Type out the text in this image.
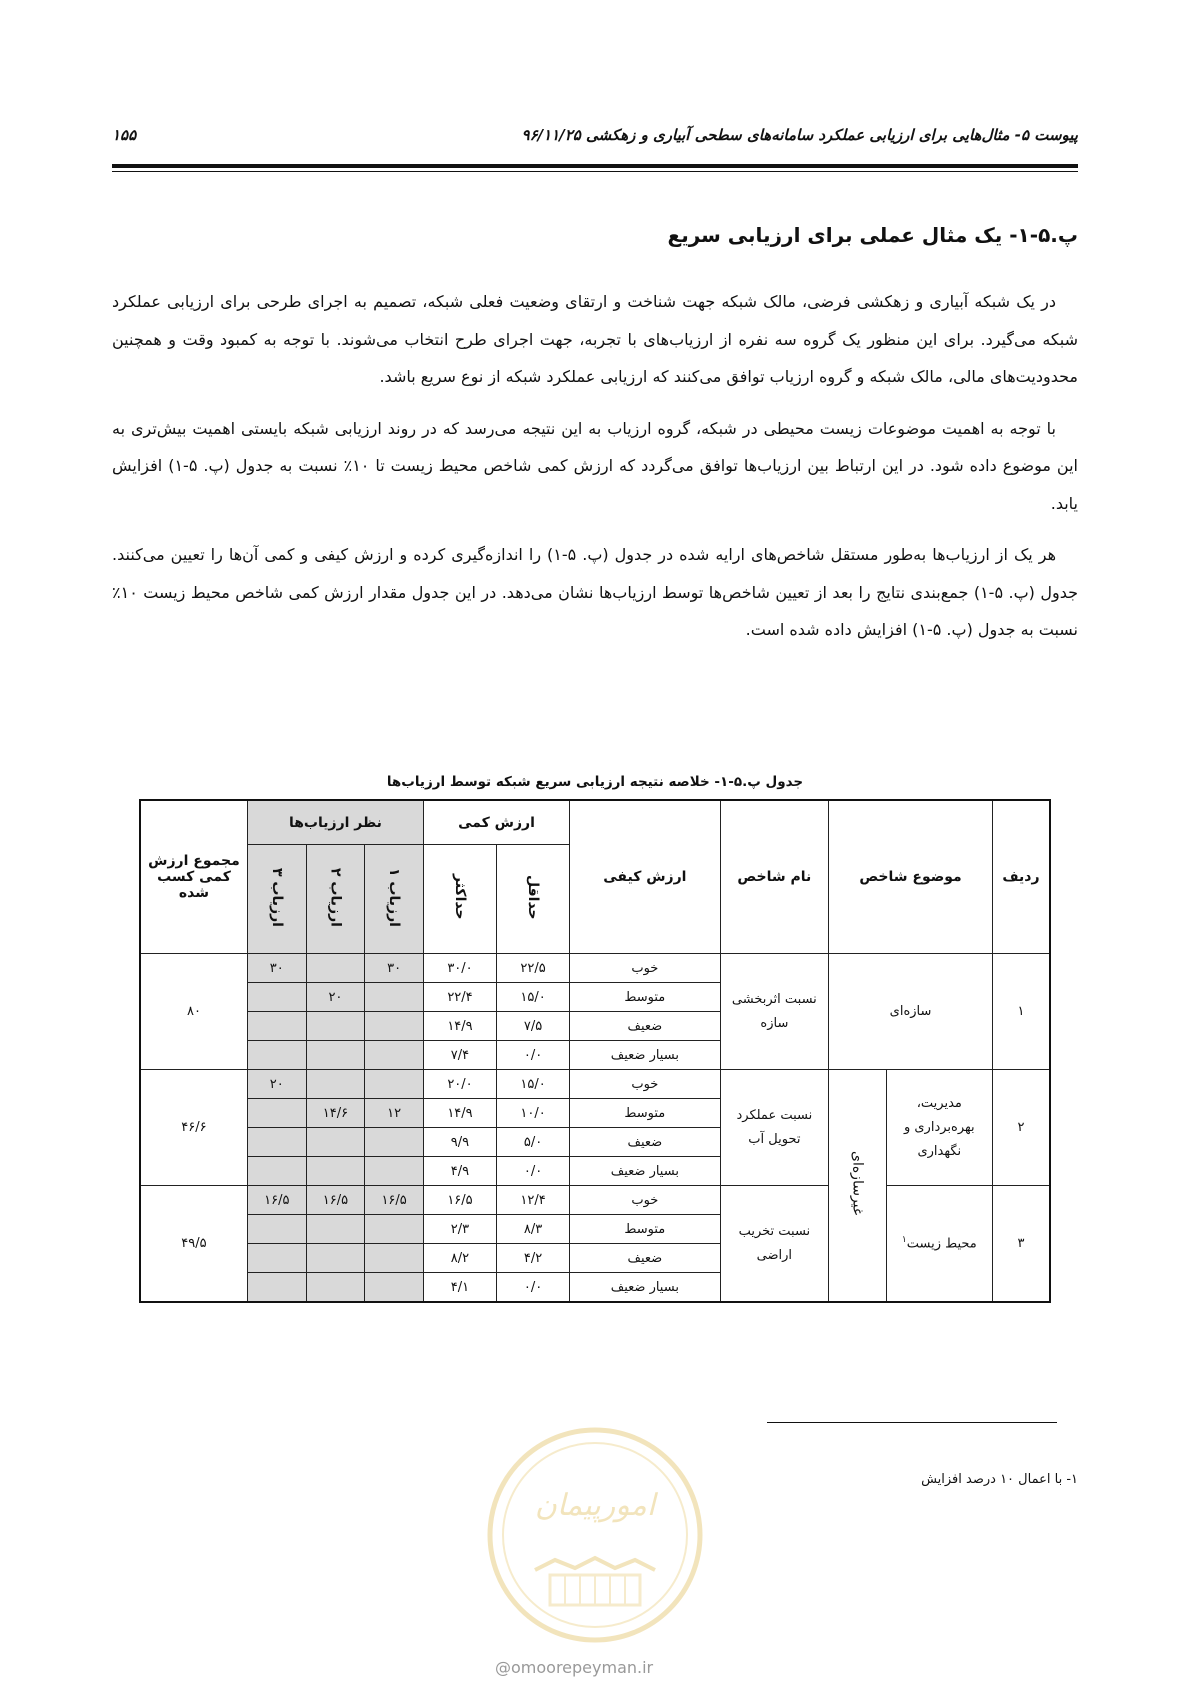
پیوست ۵- مثال‌هایی برای ارزیابی عملکرد سامانه‌های سطحی آبیاری و زهکشی ۹۶/۱۱/۲۵
۱۵۵
پ.۵-۱- یک مثال عملی برای ارزیابی سریع

در یک شبکه آبیاری و زهکشی فرضی، مالک شبکه جهت شناخت و ارتقای وضعیت فعلی شبکه، تصمیم به اجرای طرحی برای ارزیابی عملکرد شبکه می‌گیرد. برای این منظور یک گروه سه نفره از ارزیاب‌های با تجربه، جهت اجرای طرح انتخاب می‌شوند. با توجه به کمبود وقت و همچنین محدودیت‌های مالی، مالک شبکه و گروه ارزیاب توافق می‌کنند که ارزیابی عملکرد شبکه از نوع سریع باشد.

با توجه به اهمیت موضوعات زیست محیطی در شبکه، گروه ارزیاب به این نتیجه می‌رسد که در روند ارزیابی شبکه بایستی اهمیت بیش‌تری به این موضوع داده شود. در این ارتباط بین ارزیاب‌ها توافق می‌گردد که ارزش کمی شاخص محیط زیست تا ۱۰٪ نسبت به جدول (پ. ۵-۱) افزایش یابد.

هر یک از ارزیاب‌ها به‌طور مستقل شاخص‌های ارایه شده در جدول (پ. ۵-۱) را اندازه‌گیری کرده و ارزش کیفی و کمی آن‌ها را تعیین می‌کنند. جدول (پ. ۵-۱) جمع‌بندی نتایج را بعد از تعیین شاخص‌ها توسط ارزیاب‌ها نشان می‌دهد. در این جدول مقدار ارزش کمی شاخص محیط زیست ۱۰٪ نسبت به جدول (پ. ۵-۱) افزایش داده شده است.

جدول پ.۵-۱- خلاصه نتیجه ارزیابی سریع شبکه توسط ارزیاب‌ها
ردیف	موضوع شاخص		نام شاخص	ارزش کیفی	ارزش کمی		نظر ارزیاب‌ها			مجموع ارزش کمی کسب شده
					حداقل	حداکثر	ارزیاب ۱	ارزیاب ۲	ارزیاب ۳	
۱	سازه‌ای		نسبت اثربخشی سازه	خوب	۲۲/۵	۳۰/۰	۳۰		۳۰	۸۰
				متوسط	۱۵/۰	۲۲/۴		۲۰		
				ضعیف	۷/۵	۱۴/۹				
				بسیار ضعیف	۰/۰	۷/۴				
۲	مدیریت، بهره‌برداری و نگهداری	غیرسازه‌ای	نسبت عملکرد تحویل آب	خوب	۱۵/۰	۲۰/۰			۲۰	۴۶/۶
				متوسط	۱۰/۰	۱۴/۹	۱۲	۱۴/۶		
				ضعیف	۵/۰	۹/۹				
				بسیار ضعیف	۰/۰	۴/۹				
۳	محیط زیست$^۱$		نسبت تخریب اراضی	خوب	۱۲/۴	۱۶/۵	۱۶/۵	۱۶/۵	۱۶/۵	۴۹/۵
				متوسط	۸/۳	۲/۳				
				ضعیف	۴/۲	۸/۲				
				بسیار ضعیف	۰/۰	۴/۱				
۱- با اعمال ۱۰ درصد افزایش
امورپیمان
@omoorepeyman.ir
